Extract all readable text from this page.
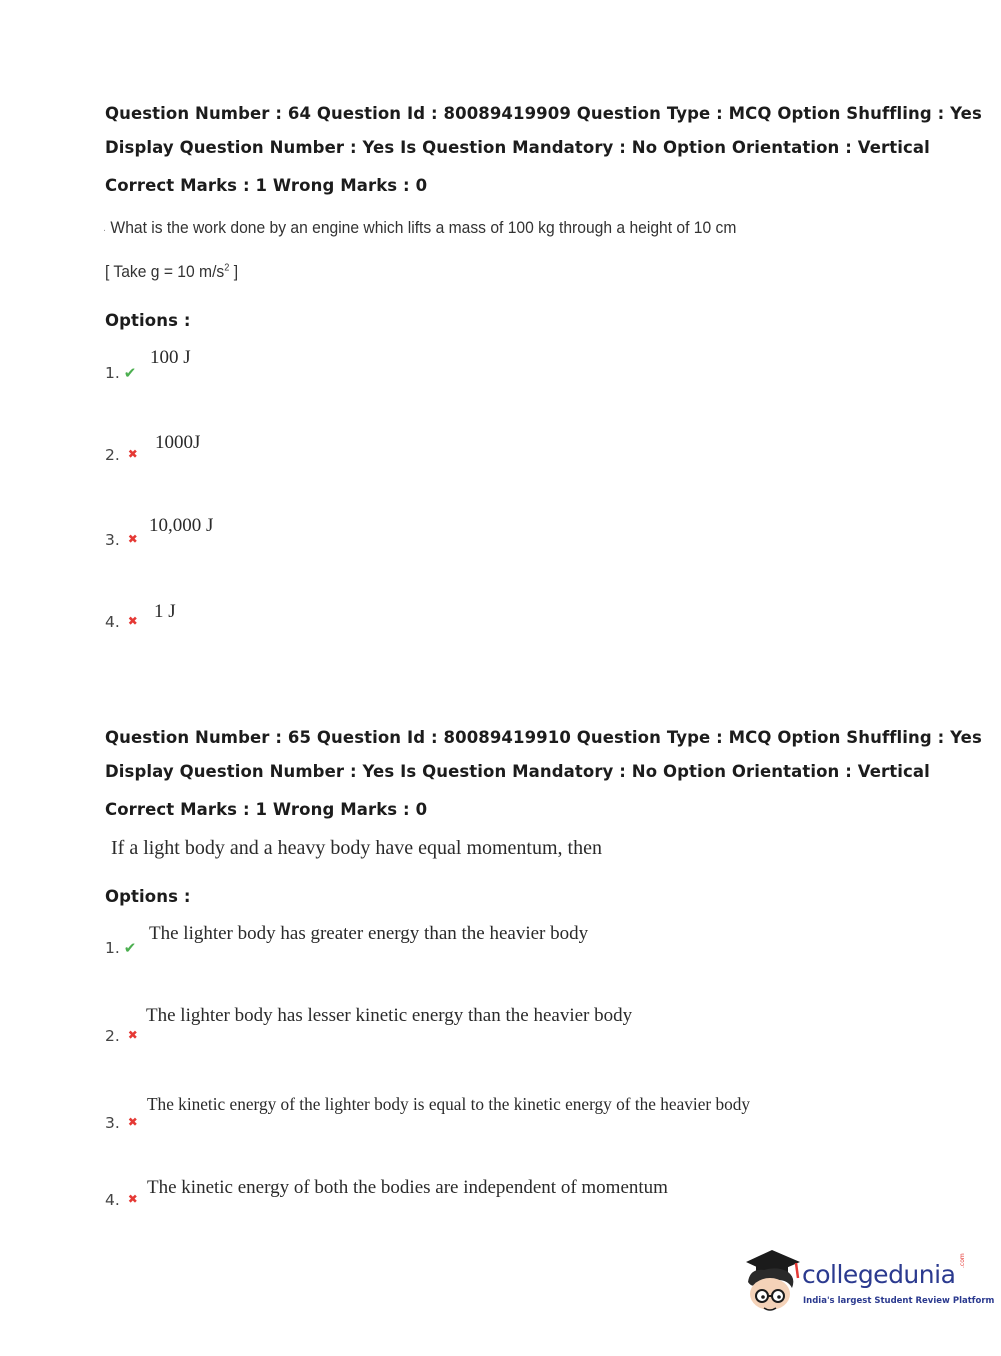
Question Number : 64 Question Id : 80089419909 Question Type : MCQ Option Shuffling : Yes
Display Question Number : Yes Is Question Mandatory : No Option Orientation : Vertical
Correct Marks : 1 Wrong Marks : 0
· What is the work done by an engine which lifts a mass of 100 kg through a height of 10 cm
[ Take g = 10 $m/s^2$ ]
Options :
1. ✔
100 J
2. ✖
1000J
3. ✖
10,000 J
4. ✖ 1 J
Question Number : 65 Question Id : 80089419910 Question Type : MCQ Option Shuffling : Yes
Display Question Number : Yes Is Question Mandatory : No Option Orientation : Vertical
Correct Marks : 1 Wrong Marks : 0
If a light body and a heavy body have equal momentum, then
Options :
1. ✔
The lighter body has greater energy than the heavier body
2. ✖
The lighter body has lesser kinetic energy than the heavier body
3. ✖
The kinetic energy of the lighter body is equal to the kinetic energy of the heavier body
4. ✖
The kinetic energy of both the bodies are independent of momentum
collegedunia .com
India's largest Student Review Platform
